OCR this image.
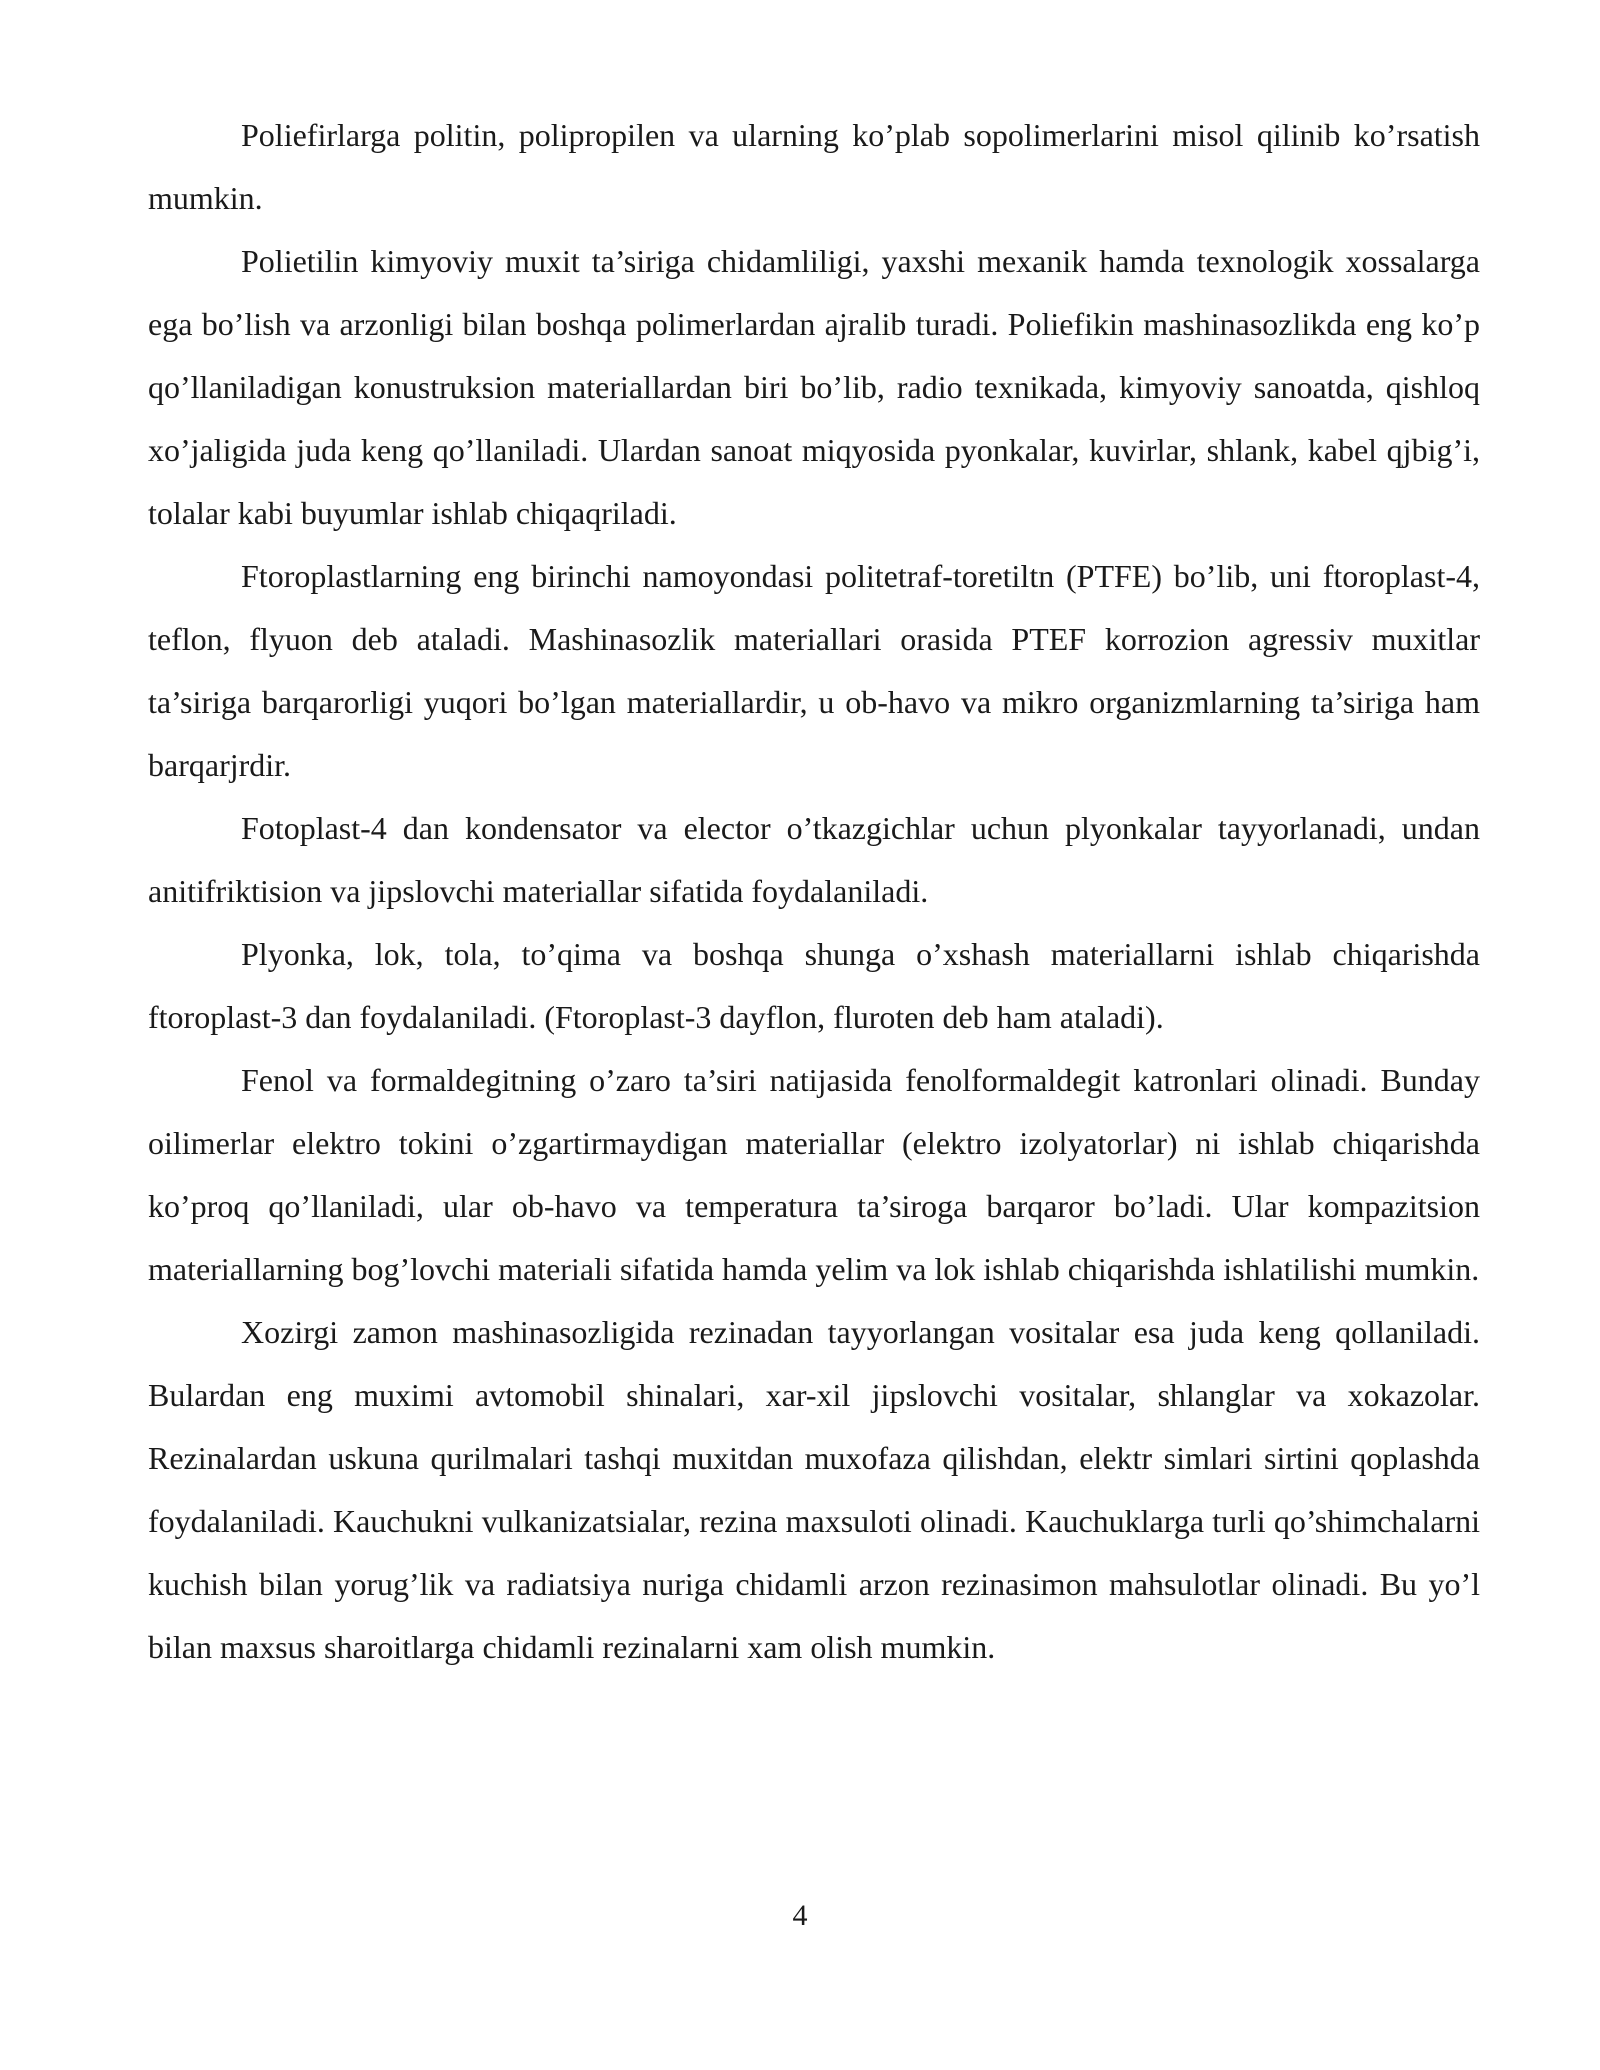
Poliefirlarga politin, polipropilen va ularning ko’plab sopolimerlarini misol qilinib ko’rsatish mumkin.

Polietilin kimyoviy muxit ta’siriga chidamliligi, yaxshi mexanik hamda texnologik xossalarga ega bo’lish va arzonligi bilan boshqa polimerlardan ajralib turadi. Poliefikin mashinasozlikda eng ko’p qo’llaniladigan konustruksion materiallardan biri bo’lib, radio texnikada, kimyoviy sanoatda, qishloq xo’jaligida juda keng qo’llaniladi. Ulardan sanoat miqyosida pyonkalar, kuvirlar, shlank, kabel qjbig’i, tolalar kabi buyumlar ishlab chiqaqriladi.

Ftoroplastlarning eng birinchi namoyondasi politetraf-toretiltn (PTFE) bo’lib, uni ftoroplast-4, teflon, flyuon deb ataladi. Mashinasozlik materiallari orasida PTEF korrozion agressiv muxitlar ta’siriga barqarorligi yuqori bo’lgan materiallardir, u ob-havo va mikro organizmlarning ta’siriga ham barqarjrdir.

Fotoplast-4 dan kondensator va elector o’tkazgichlar uchun plyonkalar tayyorlanadi, undan anitifriktision va jipslovchi materiallar sifatida foydalaniladi.

Plyonka, lok, tola, to’qima va boshqa shunga o’xshash materiallarni ishlab chiqarishda ftoroplast-3 dan foydalaniladi. (Ftoroplast-3 dayflon, fluroten deb ham ataladi).

Fenol va formaldegitning o’zaro ta’siri natijasida fenolformaldegit katronlari olinadi. Bunday oilimerlar elektro tokini o’zgartirmaydigan materiallar (elektro izolyatorlar) ni ishlab chiqarishda ko’proq qo’llaniladi, ular ob-havo va temperatura ta’siroga barqaror bo’ladi. Ular kompazitsion materiallarning bog’lovchi materiali sifatida hamda yelim va lok ishlab chiqarishda ishlatilishi mumkin.

Xozirgi zamon mashinasozligida rezinadan tayyorlangan vositalar esa juda keng qollaniladi. Bulardan eng muximi avtomobil shinalari, xar-xil jipslovchi vositalar, shlanglar va xokazolar. Rezinalardan uskuna qurilmalari tashqi muxitdan muxofaza qilishdan, elektr simlari sirtini qoplashda foydalaniladi. Kauchukni vulkanizatsialar, rezina maxsuloti olinadi. Kauchuklarga turli qo’shimchalarni kuchish bilan yorug’lik va radiatsiya nuriga chidamli arzon rezinasimon mahsulotlar olinadi. Bu yo’l bilan maxsus sharoitlarga chidamli rezinalarni xam olish mumkin.

4
